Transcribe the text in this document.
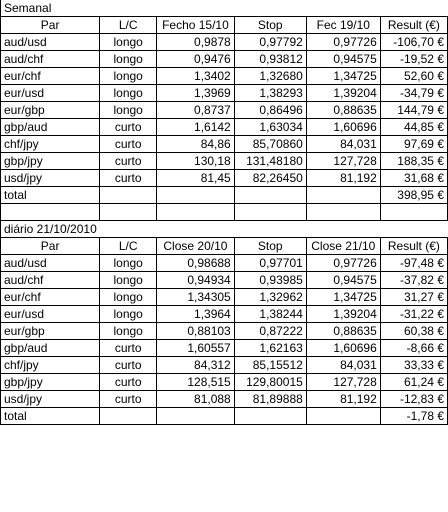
Semanal					
Par	L/C	Fecho 15/10	Stop	Fec 19/10	Result (€)
aud/usd	longo	0,9878	0,97792	0,97726	-106,70 €
aud/chf	longo	0,9476	0,93812	0,94575	-19,52 €
eur/chf	longo	1,3402	1,32680	1,34725	52,60 €
eur/usd	longo	1,3969	1,38293	1,39204	-34,79 €
eur/gbp	longo	0,8737	0,86496	0,88635	144,79 €
gbp/aud	curto	1,6142	1,63034	1,60696	44,85 €
chf/jpy	curto	84,86	85,70860	84,031	97,69 €
gbp/jpy	curto	130,18	131,48180	127,728	188,35 €
usd/jpy	curto	81,45	82,26450	81,192	31,68 €
total					398,95 €

diário 21/10/2010					
Par	L/C	Close 20/10	Stop	Close 21/10	Result (€)
aud/usd	longo	0,98688	0,97701	0,97726	-97,48 €
aud/chf	longo	0,94934	0,93985	0,94575	-37,82 €
eur/chf	longo	1,34305	1,32962	1,34725	31,27 €
eur/usd	longo	1,3964	1,38244	1,39204	-31,22 €
eur/gbp	longo	0,88103	0,87222	0,88635	60,38 €
gbp/aud	curto	1,60557	1,62163	1,60696	-8,66 €
chf/jpy	curto	84,312	85,15512	84,031	33,33 €
gbp/jpy	curto	128,515	129,80015	127,728	61,24 €
usd/jpy	curto	81,088	81,89888	81,192	-12,83 €
total					-1,78 €
